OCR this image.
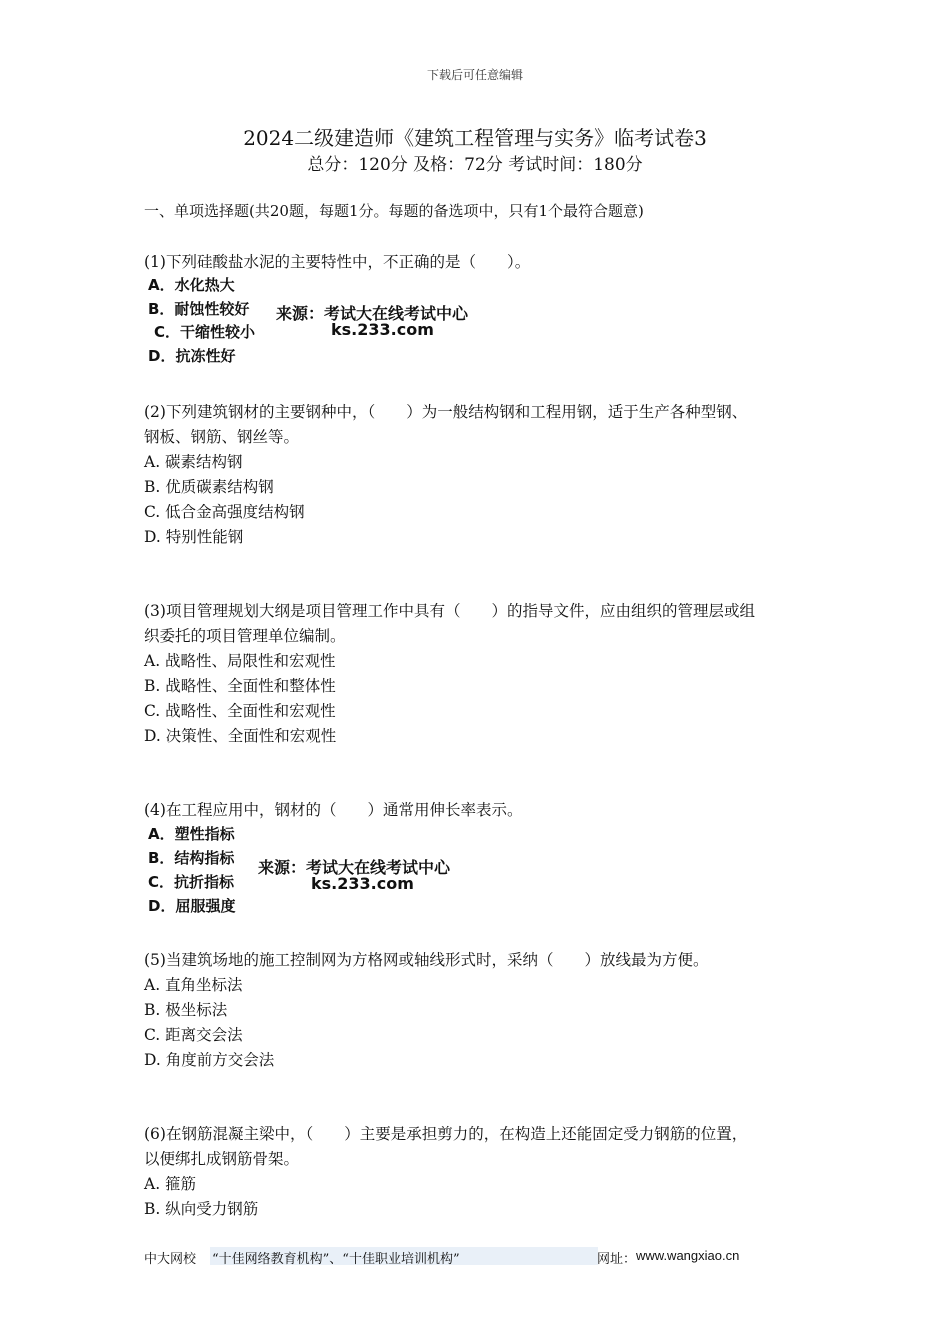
下载后可任意编辑
2024二级建造师《建筑工程管理与实务》临考试卷3
总分：120分 及格：72分 考试时间：180分
一、单项选择题(共20题，每题1分。每题的备选项中，只有1个最符合题意)
(1)下列硅酸盐水泥的主要特性中，不正确的是（　　）。
A．水化热大
B．耐蚀性较好
C．干缩性较小
D．抗冻性好
来源：考试大在线考试中心
ks.233.com
(2)下列建筑钢材的主要钢种中，（　　）为一般结构钢和工程用钢，适于生产各种型钢、
钢板、钢筋、钢丝等。
A. 碳素结构钢
B. 优质碳素结构钢
C. 低合金高强度结构钢
D. 特别性能钢
(3)项目管理规划大纲是项目管理工作中具有（　　）的指导文件，应由组织的管理层或组
织委托的项目管理单位编制。
A. 战略性、局限性和宏观性
B. 战略性、全面性和整体性
C. 战略性、全面性和宏观性
D. 决策性、全面性和宏观性
(4)在工程应用中，钢材的（　　）通常用伸长率表示。
A．塑性指标
B．结构指标
C．抗折指标
D．屈服强度
来源：考试大在线考试中心
ks.233.com
(5)当建筑场地的施工控制网为方格网或轴线形式时，采纳（　　）放线最为方便。
A. 直角坐标法
B. 极坐标法
C. 距离交会法
D. 角度前方交会法
(6)在钢筋混凝主梁中，（　　）主要是承担剪力的，在构造上还能固定受力钢筋的位置，
以便绑扎成钢筋骨架。
A. 箍筋
B. 纵向受力钢筋
中大网校 “十佳网络教育机构”、“十佳职业培训机构”	网址： www.wangxiao.cn
